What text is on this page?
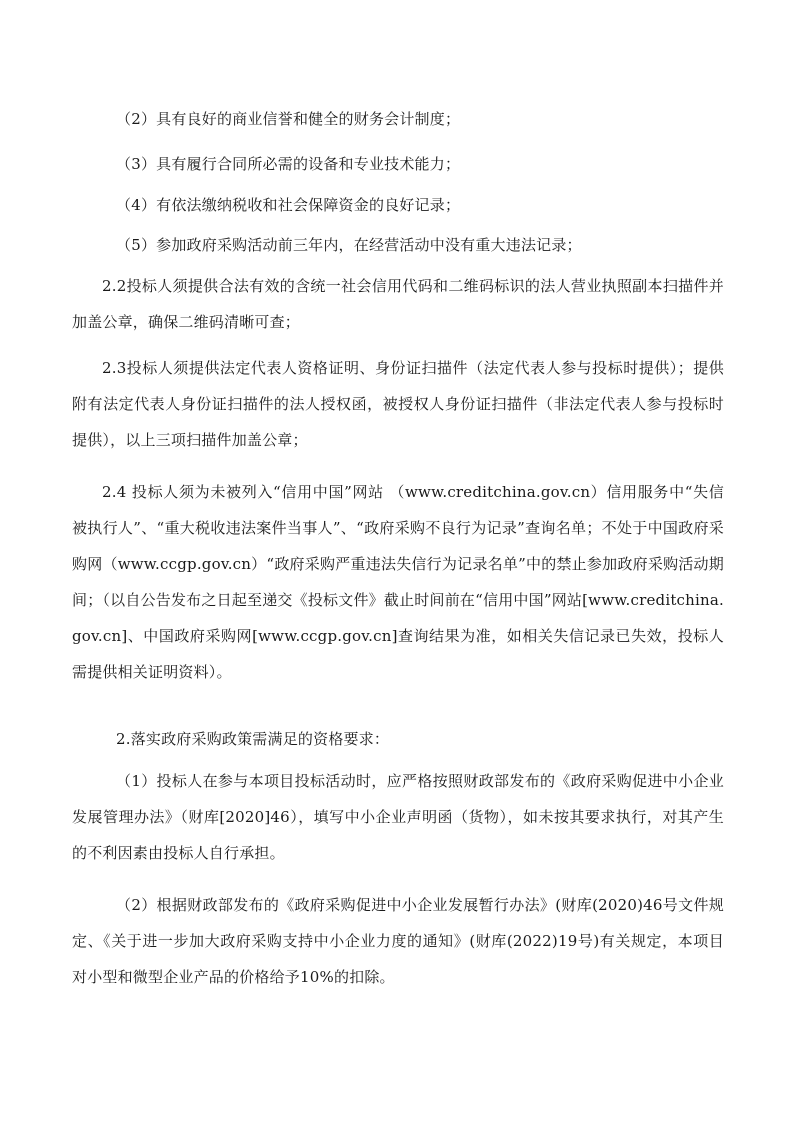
（2）具有良好的商业信誉和健全的财务会计制度；

（3）具有履行合同所必需的设备和专业技术能力；

（4）有依法缴纳税收和社会保障资金的良好记录；

（5）参加政府采购活动前三年内，在经营活动中没有重大违法记录；

2.2投标人须提供合法有效的含统一社会信用代码和二维码标识的法人营业执照副本扫描件并加盖公章，确保二维码清晰可查；

2.3投标人须提供法定代表人资格证明、身份证扫描件（法定代表人参与投标时提供）；提供附有法定代表人身份证扫描件的法人授权函，被授权人身份证扫描件（非法定代表人参与投标时提供），以上三项扫描件加盖公章；

2.4 投标人须为未被列入“信用中国”网站 （www.creditchina.gov.cn）信用服务中“失信被执行人”、“重大税收违法案件当事人”、“政府采购不良行为记录”查询名单；不处于中国政府采购网（www.ccgp.gov.cn）“政府采购严重违法失信行为记录名单”中的禁止参加政府采购活动期间；（以自公告发布之日起至递交《投标文件》截止时间前在“信用中国”网站[www.creditchina.gov.cn]、中国政府采购网[www.ccgp.gov.cn]查询结果为准，如相关失信记录已失效，投标人需提供相关证明资料）。

2.落实政府采购政策需满足的资格要求：

（1）投标人在参与本项目投标活动时，应严格按照财政部发布的《政府采购促进中小企业发展管理办法》（财库[2020]46），填写中小企业声明函（货物），如未按其要求执行，对其产生的不利因素由投标人自行承担。

（2）根据财政部发布的《政府采购促进中小企业发展暂行办法》(财库(2020)46号文件规定、《关于进一步加大政府采购支持中小企业力度的通知》(财库(2022)19号)有关规定，本项目对小型和微型企业产品的价格给予10%的扣除。
